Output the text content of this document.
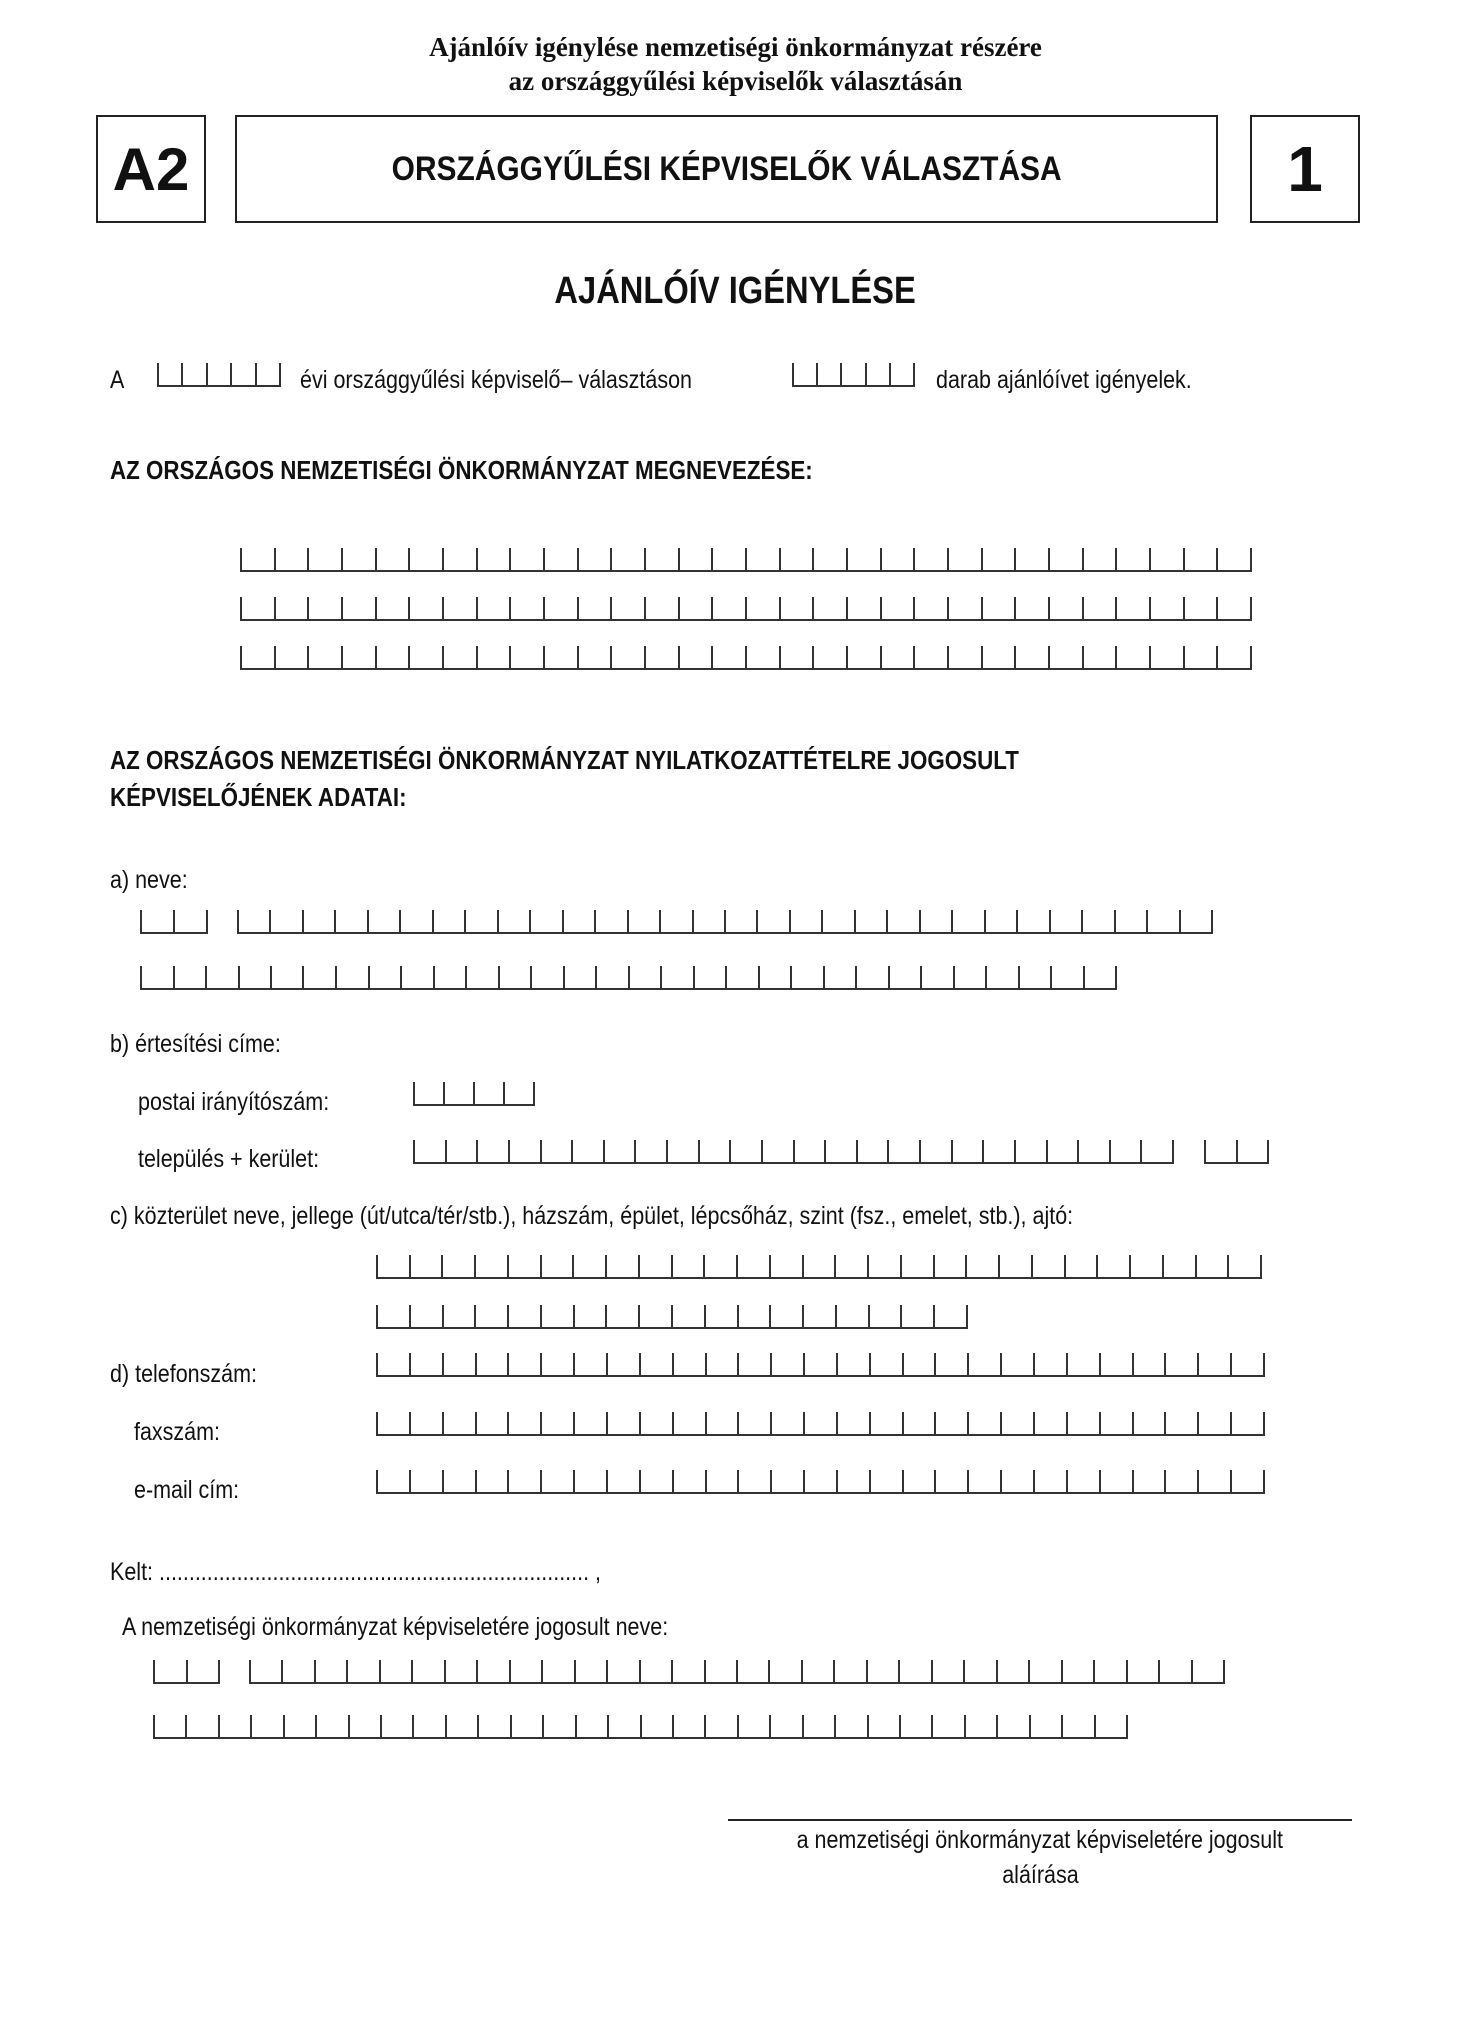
Ajánlóív igénylése nemzetiségi önkormányzat részére
az országgyűlési képviselők választásán
A2	ORSZÁGGYŰLÉSI KÉPVISELŐK VÁLASZTÁSA	1
AJÁNLÓÍV IGÉNYLÉSE
A	évi országgyűlési képviselő– választáson	darab ajánlóívet igényelek.
AZ ORSZÁGOS NEMZETISÉGI ÖNKORMÁNYZAT MEGNEVEZÉSE:
AZ ORSZÁGOS NEMZETISÉGI ÖNKORMÁNYZAT NYILATKOZATTÉTELRE JOGOSULT
KÉPVISELŐJÉNEK ADATAI:
a) neve:
b) értesítési címe:
postai irányítószám:
település + kerület:
c) közterület neve, jellege (út/utca/tér/stb.), házszám, épület, lépcsőház, szint (fsz., emelet, stb.), ajtó:
d) telefonszám:
faxszám:
e-mail cím:
Kelt: ........................................................................ ,
A nemzetiségi önkormányzat képviseletére jogosult neve:
a nemzetiségi önkormányzat képviseletére jogosult
aláírása
